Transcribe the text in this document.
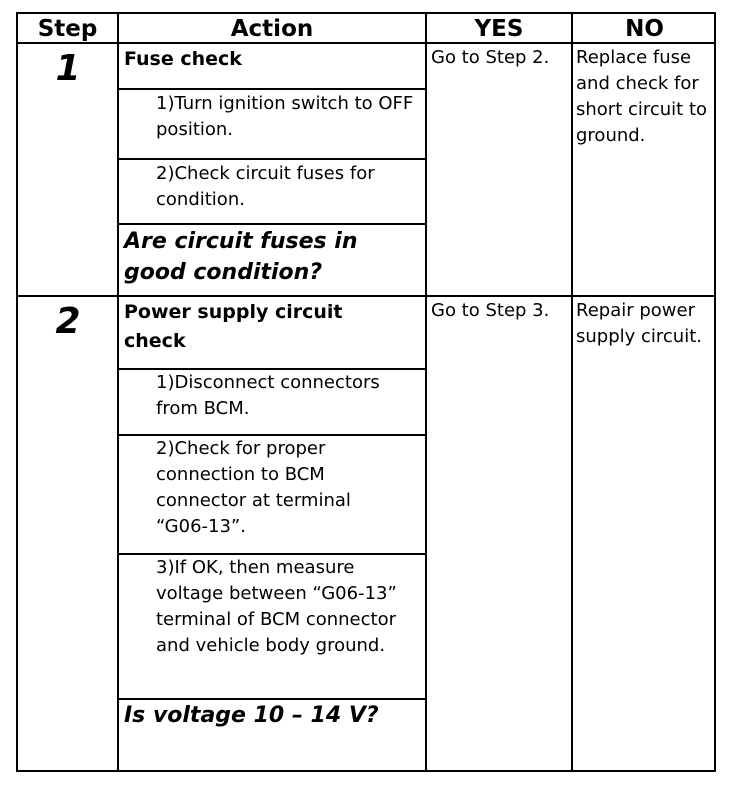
Step	Action	YES	NO
1	Fuse check
1)Turn ignition switch to OFF position.
2)Check circuit fuses for condition.
Are circuit fuses in good condition?
Go to Step 2.	Replace fuse and check for short circuit to ground.
2	Power supply circuit check
1)Disconnect connectors from BCM.
2)Check for proper connection to BCM connector at terminal “G06-13”.
3)If OK, then measure voltage between “G06-13” terminal of BCM connector and vehicle body ground.
Is voltage 10 – 14 V?
Go to Step 3.	Repair power supply circuit.
